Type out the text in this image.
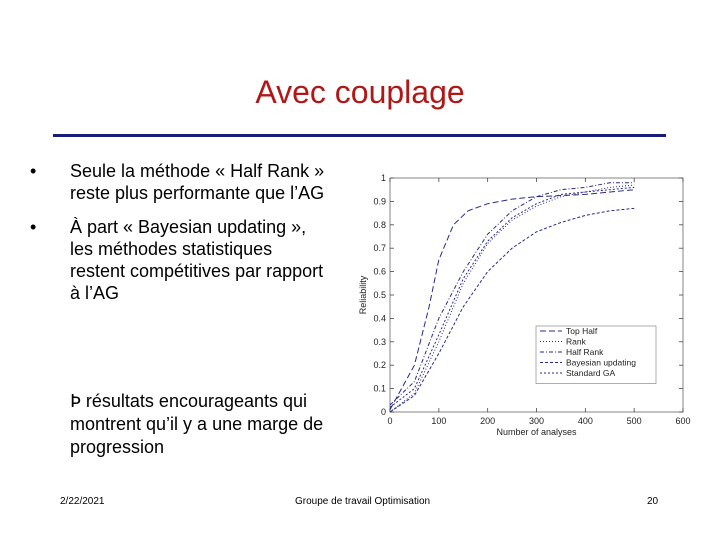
Avec couplage
• Seule la méthode « Half Rank » reste plus performante que l’AG
• À part « Bayesian updating », les méthodes statistiques restent compétitives par rapport à l’AG
Þ résultats encourageants qui montrent qu’il y a une marge de progression
0
0.1
0.2
0.3
0.4
0.5
0.6
0.7
0.8
0.9
1
0	100	200	300	400	500	600
Number of analyses
Reliability
Top Half
Rank
Half Rank
Bayesian updating
Standard GA
2/22/2021	Groupe de travail Optimisation	20
